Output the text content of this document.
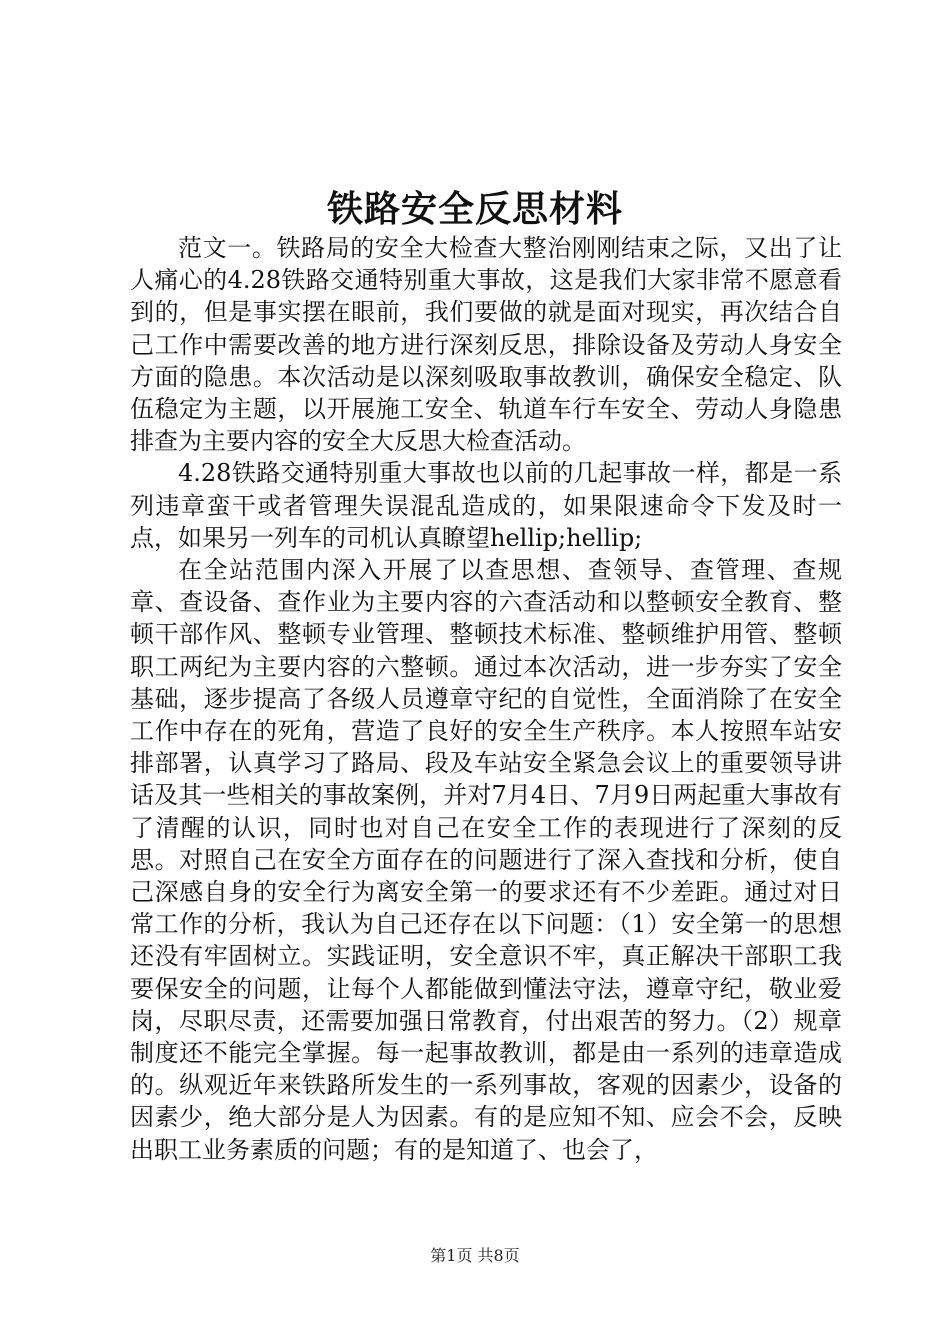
铁路安全反思材料

范文一。铁路局的安全大检查大整治刚刚结束之际，又出了让人痛心的4.28铁路交通特别重大事故，这是我们大家非常不愿意看到的，但是事实摆在眼前，我们要做的就是面对现实，再次结合自己工作中需要改善的地方进行深刻反思，排除设备及劳动人身安全方面的隐患。本次活动是以深刻吸取事故教训，确保安全稳定、队伍稳定为主题，以开展施工安全、轨道车行车安全、劳动人身隐患排查为主要内容的安全大反思大检查活动。

4.28铁路交通特别重大事故也以前的几起事故一样，都是一系列违章蛮干或者管理失误混乱造成的，如果限速命令下发及时一点，如果另一列车的司机认真瞭望hellip;hellip;

在全站范围内深入开展了以查思想、查领导、查管理、查规章、查设备、查作业为主要内容的六查活动和以整顿安全教育、整顿干部作风、整顿专业管理、整顿技术标准、整顿维护用管、整顿职工两纪为主要内容的六整顿。通过本次活动，进一步夯实了安全基础，逐步提高了各级人员遵章守纪的自觉性，全面消除了在安全工作中存在的死角，营造了良好的安全生产秩序。本人按照车站安排部署，认真学习了路局、段及车站安全紧急会议上的重要领导讲话及其一些相关的事故案例，并对7月4日、7月9日两起重大事故有了清醒的认识，同时也对自己在安全工作的表现进行了深刻的反思。对照自己在安全方面存在的问题进行了深入查找和分析，使自己深感自身的安全行为离安全第一的要求还有不少差距。通过对日常工作的分析，我认为自己还存在以下问题：（1）安全第一的思想还没有牢固树立。实践证明，安全意识不牢，真正解决干部职工我要保安全的问题，让每个人都能做到懂法守法，遵章守纪，敬业爱岗，尽职尽责，还需要加强日常教育，付出艰苦的努力。（2）规章制度还不能完全掌握。每一起事故教训，都是由一系列的违章造成的。纵观近年来铁路所发生的一系列事故，客观的因素少，设备的因素少，绝大部分是人为因素。有的是应知不知、应会不会，反映出职工业务素质的问题；有的是知道了、也会了，

第1页 共8页
